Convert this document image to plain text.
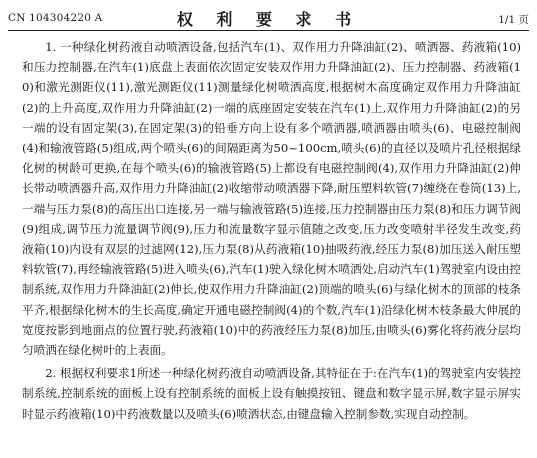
CN 104304220 A	权 利 要 求 书	1/1 页

1. 一种绿化树药液自动喷洒设备,包括汽车(1)、双作用力升降油缸(2)、喷洒器、药液箱(10)和压力控制器,在汽车(1)底盘上表面依次固定安装双作用力升降油缸(2)、压力控制器、药液箱(10)和激光测距仪(11),激光测距仪(11)测量绿化树喷洒高度,根据树木高度确定双作用力升降油缸(2)的上升高度,双作用力升降油缸(2)一端的底座固定安装在汽车(1)上,双作用力升降油缸(2)的另一端的设有固定架(3),在固定架(3)的铅垂方向上设有多个喷洒器,喷洒器由喷头(6)、电磁控制阀(4)和输液管路(5)组成,两个喷头(6)的间隔距离为50~100cm,喷头(6)的直径以及喷片孔径根据绿化树的树龄可更换,在每个喷头(6)的输液管路(5)上都设有电磁控制阀(4),双作用力升降油缸(2)伸长带动喷洒器升高,双作用力升降油缸(2)收缩带动喷洒器下降,耐压塑料软管(7)缠绕在卷筒(13)上,一端与压力泵(8)的高压出口连接,另一端与输液管路(5)连接,压力控制器由压力泵(8)和压力调节阀(9)组成,调节压力流量调节阀(9),压力和流量数字显示值随之改变,压力改变喷射半径发生改变,药液箱(10)内设有双层的过滤网(12),压力泵(8)从药液箱(10)抽吸药液,经压力泵(8)加压送入耐压塑料软管(7),再经输液管路(5)进入喷头(6),汽车(1)驶入绿化树木喷洒处,启动汽车(1)驾驶室内设由控制系统,双作用力升降油缸(2)伸长,使双作用力升降油缸(2)顶端的喷头(6)与绿化树木的顶部的枝条平齐,根据绿化树木的生长高度,确定开通电磁控制阀(4)的个数,汽车(1)沿绿化树木枝条最大伸展的宽度按影到地面点的位置行驶,药液箱(10)中的药液经压力泵(8)加压,由喷头(6)雾化将药液分层均匀喷洒在绿化树叶的上表面。

2. 根据权利要求1所述一种绿化树药液自动喷洒设备,其特征在于:在汽车(1)的驾驶室内安装控制系统,控制系统的面板上设有控制系统的面板上设有触摸按钮、键盘和数字显示屏,数字显示屏实时显示药液箱(10)中药液数量以及喷头(6)喷洒状态,由键盘输入控制参数,实现自动控制。
